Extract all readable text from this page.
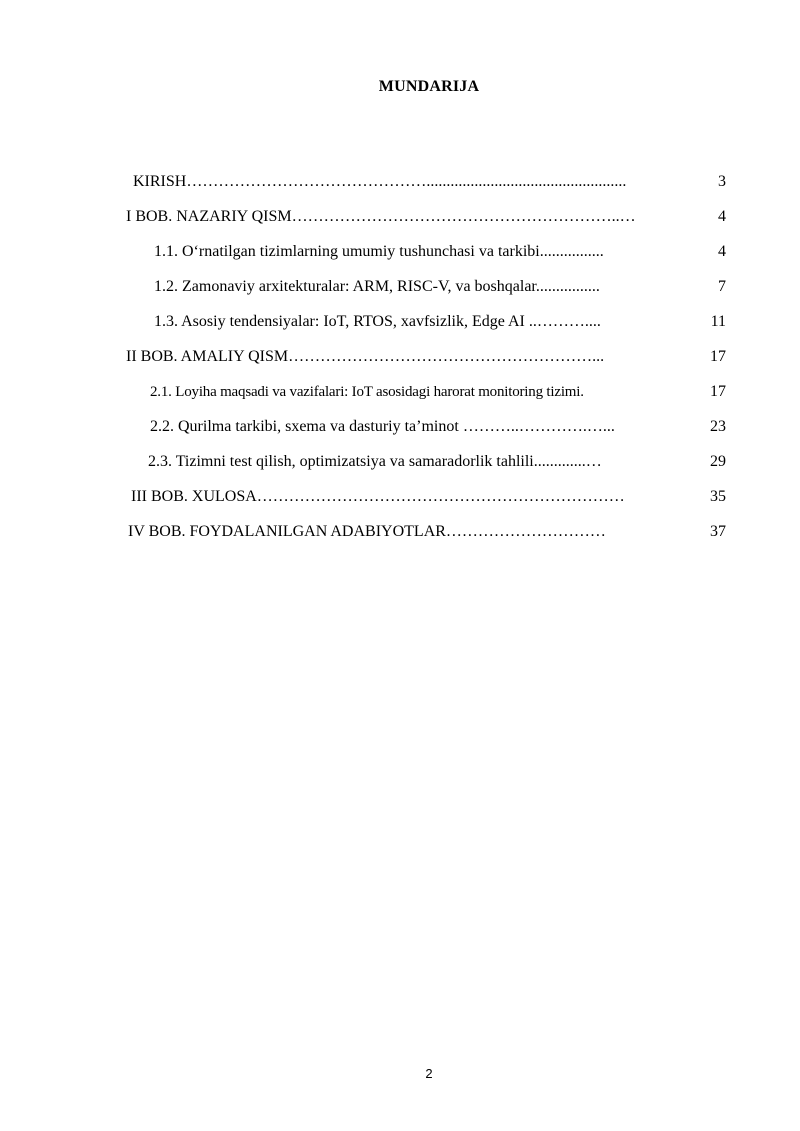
MUNDARIJA
KIRISH………………………………………..................................................	3
I BOB. NAZARIY QISM……………………………………………………..…	4
1.1. O‘rnatilgan tizimlarning umumiy tushunchasi va tarkibi................	4
1.2. Zamonaviy arxitekturalar: ARM, RISC-V, va boshqalar................	7
1.3. Asosiy tendensiyalar: IoT, RTOS, xavfsizlik, Edge AI ..………....	11
II BOB. AMALIY QISM…………………………………………………...	17
2.1. Loyiha maqsadi va vazifalari: IoT asosidagi harorat monitoring tizimi.	17
2.2. Qurilma tarkibi, sxema va dasturiy ta’minot ………..………….…...	23
2.3. Tizimni test qilish, optimizatsiya va samaradorlik tahlili.............…	29
III BOB. XULOSA……………………………………………………………	35
IV BOB. FOYDALANILGAN ADABIYOTLAR…………………………	37
2
